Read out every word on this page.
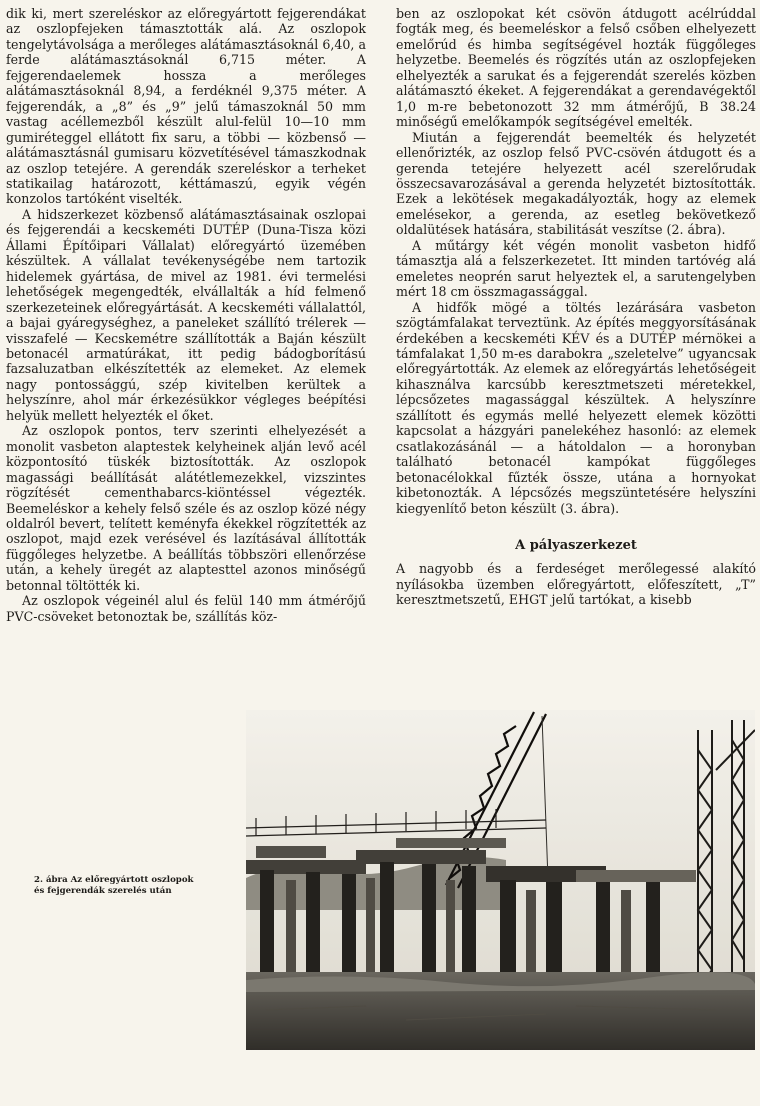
dik ki, mert szereléskor az előregyártott fejgerendákat az oszlopfejeken támasztották alá. Az oszlopok tengelytávolsága a merőleges alátámasztásoknál 6,40, a ferde alátámasztásoknál 6,715 méter. A fejgerendaelemek hossza a merőleges alátámasztásoknál 8,94, a ferdéknél 9,375 méter. A fejgerendák, a „8” és „9” jelű támaszoknál 50 mm vastag acéllemezből készült alul-felül 10—10 mm gumiréteggel ellátott fix saru, a többi — közbenső — alátámasztásnál gumisaru közvetítésével támaszkodnak az oszlop tetejére. A gerendák szereléskor a terheket statikailag határozott, kéttámaszú, egyik végén konzolos tartóként viselték.

A hidszerkezet közbenső alátámasztásainak oszlopai és fejgerendái a kecskeméti DUTÉP (Duna-Tisza közi Állami Építőipari Vállalat) előregyártó üzemében készültek. A vállalat tevékenységébe nem tartozik hidelemek gyártása, de mivel az 1981. évi termelési lehetőségek megengedték, elvállalták a híd felmenő szerkezeteinek előregyártását. A kecskeméti vállalattól, a bajai gyáregységhez, a paneleket szállító trélerek — visszafelé — Kecskemétre szállították a Baján készült betonacél armatúrákat, itt pedig bádogborítású fazsaluzatban elkészítették az elemeket. Az elemek nagy pontossággú, szép kivitelben kerültek a helyszínre, ahol már érkezésükkor végleges beépítési helyük mellett helyezték el őket.

Az oszlopok pontos, terv szerinti elhelyezését a monolit vasbeton alaptestek kelyheinek alján levő acél központosító tüskék biztosították. Az oszlopok magassági beállítását alátétlemezekkel, vizszintes rögzítését cementhabarcs-kiöntéssel végezték. Beemeléskor a kehely felső széle és az oszlop közé négy oldalról bevert, telített keményfa ékekkel rögzítették az oszlopot, majd ezek verésével és lazításával állították függőleges helyzetbe. A beállítás többszöri ellenőrzése után, a kehely üregét az alaptesttel azonos minőségű betonnal töltötték ki.

Az oszlopok végeinél alul és felül 140 mm átmérőjű PVC-csöveket betonoztak be, szállítás köz-

ben az oszlopokat két csövön átdugott acélrúddal fogták meg, és beemeléskor a felső csőben elhelyezett emelőrúd és himba segítségével hozták függőleges helyzetbe. Beemelés és rögzítés után az oszlopfejeken elhelyezték a sarukat és a fejgerendát szerelés közben alátámasztó ékeket. A fejgerendákat a gerendavégektől 1,0 m-re bebetonozott 32 mm átmérőjű, B 38.24 minőségű emelőkampók segítségével emelték.

Miután a fejgerendát beemelték és helyzetét ellenőrizték, az oszlop felső PVC-csövén átdugott és a gerenda tetejére helyezett acél szerelőrudak összecsavarozásával a gerenda helyzetét biztosították. Ezek a lekötések megakadályozták, hogy az elemek emelésekor, a gerenda, az esetleg bekövetkező oldalütések hatására, stabilitását veszítse (2. ábra).

A műtárgy két végén monolit vasbeton hidfő támasztja alá a felszerkezetet. Itt minden tartóvég alá emeletes neoprén sarut helyeztek el, a sarutengelyben mért 18 cm összmagassággal.

A hidfők mögé a töltés lezárására vasbeton szögtámfalakat terveztünk. Az építés meggyorsításának érdekében a kecskeméti KÉV és a DUTÉP mérnökei a támfalakat 1,50 m-es darabokra „szeletelve” ugyancsak előregyártották. Az elemek az előregyártás lehetőségeit kihasználva karcsúbb keresztmetszeti méretekkel, lépcsőzetes magassággal készültek. A helyszínre szállított és egymás mellé helyezett elemek közötti kapcsolat a házgyári panelekéhez hasonló: az elemek csatlakozásánál — a hátoldalon — a horonyban található betonacél kampókat függőleges betonacélokkal fűzték össze, utána a hornyokat kibetonozták. A lépcsőzés megszüntetésére helyszíni kiegyenlítő beton készült (3. ábra).

A pályaszerkezet

A nagyobb és a ferdeséget merőlegessé alakító nyílásokba üzemben előregyártott, előfeszített, „T” keresztmetszetű, EHGT jelű tartókat, a kisebb

2. ábra Az előregyártott oszlopok
és fejgerendák szerelés után
